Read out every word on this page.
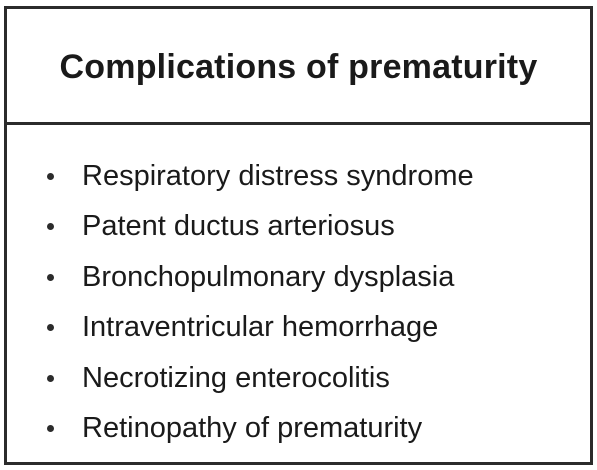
Complications of prematurity
Respiratory distress syndrome
Patent ductus arteriosus
Bronchopulmonary dysplasia
Intraventricular hemorrhage
Necrotizing enterocolitis
Retinopathy of prematurity
